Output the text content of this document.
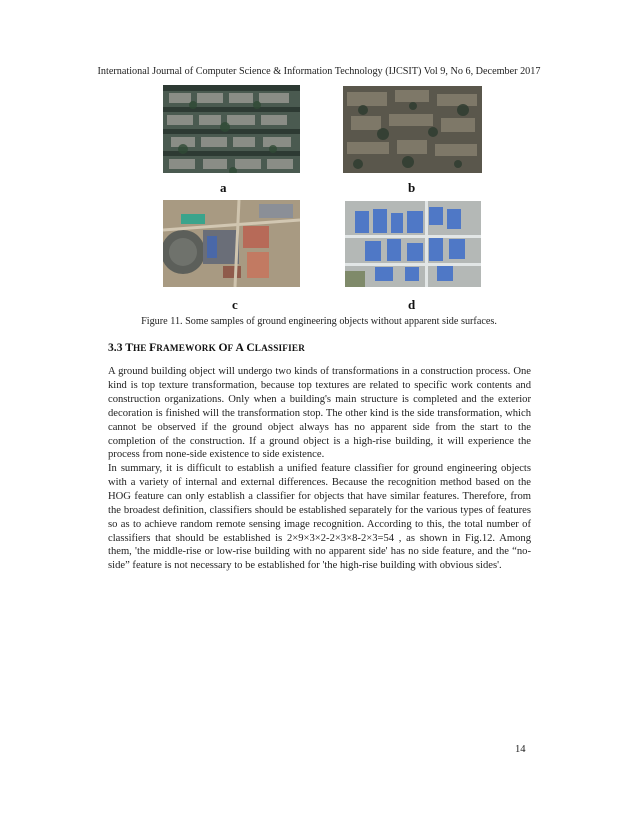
International Journal of Computer Science & Information Technology (IJCSIT) Vol 9, No 6, December 2017
a	b
c	d
Figure 11. Some samples of ground engineering objects without apparent side surfaces.
3.3 THE FRAMEWORK OF A CLASSIFIER

A ground building object will undergo two kinds of transformations in a construction process. One kind is top texture transformation, because top textures are related to specific work contents and construction organizations. Only when a building's main structure is completed and the exterior decoration is finished will the transformation stop. The other kind is the side transformation, which cannot be observed if the ground object always has no apparent side from the start to the completion of the construction. If a ground object is a high-rise building, it will experience the process from none-side existence to side existence.

In summary, it is difficult to establish a unified feature classifier for ground engineering objects with a variety of internal and external differences. Because the recognition method based on the HOG feature can only establish a classifier for objects that have similar features. Therefore, from the broadest definition, classifiers should be established separately for the various types of features so as to achieve random remote sensing image recognition. According to this, the total number of classifiers that should be established is 2×9×3×2-2×3×8-2×3=54 , as shown in Fig.12. Among them, 'the middle-rise or low-rise building with no apparent side' has no side feature, and the “no-side” feature is not necessary to be established for 'the high-rise building with obvious sides'.

14
